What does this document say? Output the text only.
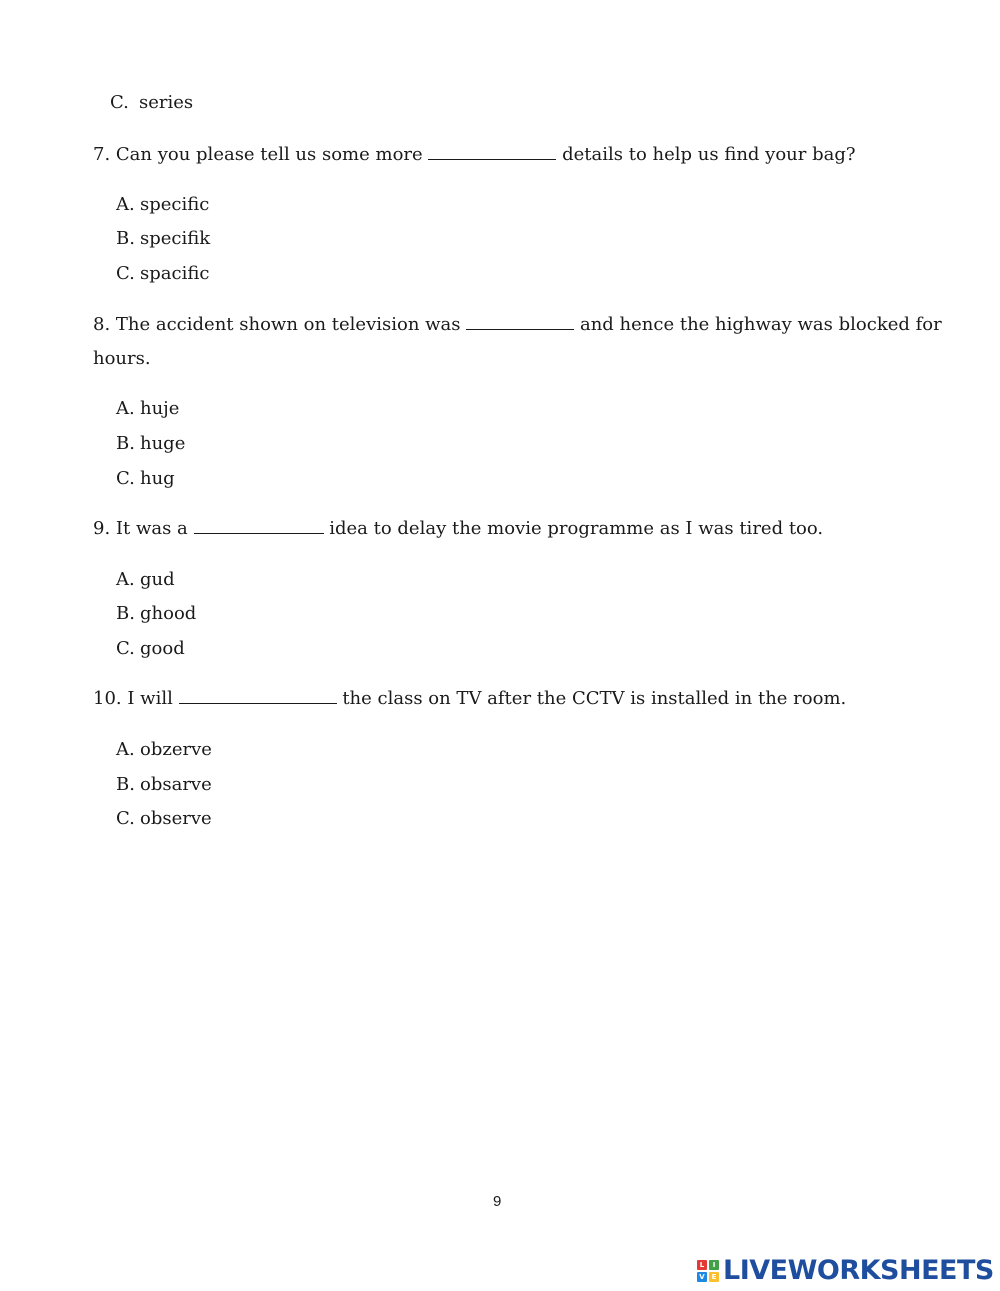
C. series
7. Can you please tell us some more	details to help us find your bag?
A. specific
B. specifik
C. spacific
8. The accident shown on television was	and hence the highway was blocked for
hours.
A. huje
B. huge
C. hug
9. It was a	idea to delay the movie programme as I was tired too.
A. gud
B. ghood
C. good
10. I will	the class on TV after the CCTV is installed in the room.
A. obzerve
B. obsarve
C. observe
9
L	I
V E LIVEWORKSHEETS
